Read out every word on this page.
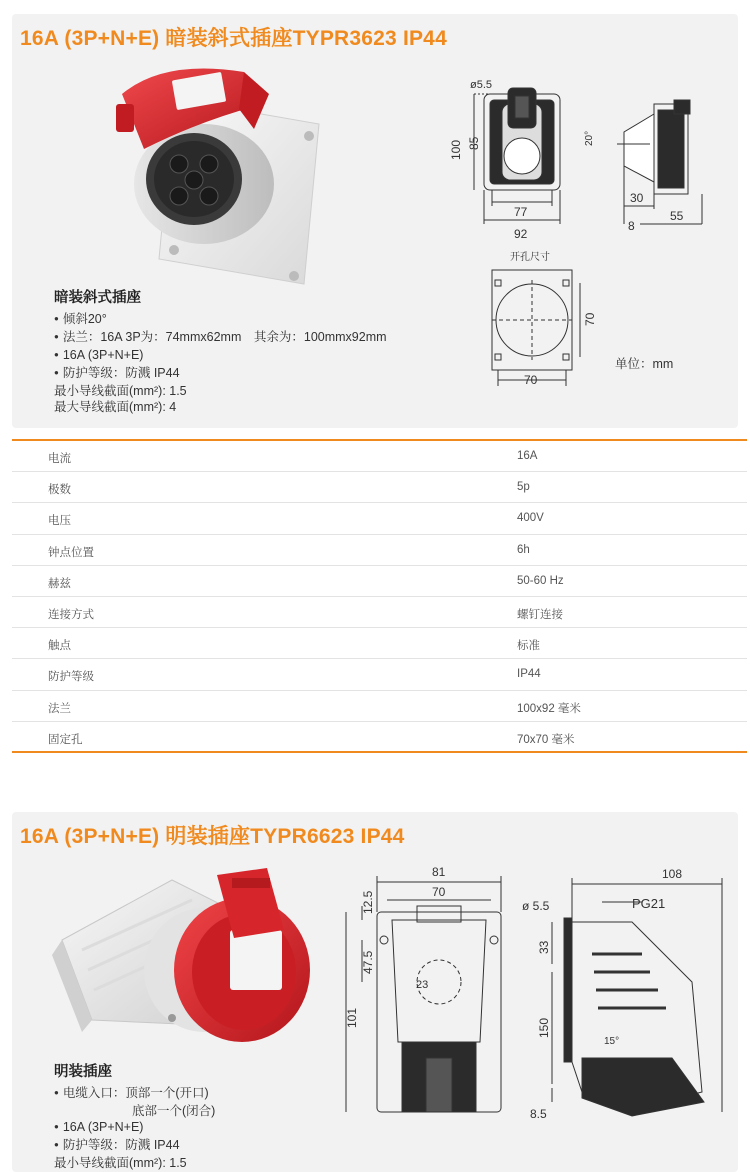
16A (3P+N+E) 暗装斜式插座TYPR3623 IP44
暗装斜式插座
● 倾斜20°
● 法兰：16A 3P为：74mmx62mm　其余为：100mmx92mm
● 16A (3P+N+E)
● 防护等级：防溅 IP44
最小导线截面(mm²): 1.5
最大导线截面(mm²): 4
ø5.5
100 85
77
92
20°
30
8
55
开孔尺寸
70
70
单位：mm
电流	16A
极数	5p
电压	400V
钟点位置	6h
赫兹	50-60 Hz
连接方式	螺钉连接
触点	标准
防护等级	IP44
法兰	100x92 毫米
固定孔	70x70 毫米
16A (3P+N+E) 明装插座TYPR6623 IP44
明装插座
● 电缆入口：顶部一个(开口)
底部一个(闭合)
● 16A (3P+N+E)
● 防护等级：防溅 IP44
最小导线截面(mm²): 1.5
81
70
108
12.5
47.5
101
23
ø 5.5	PG21
33
150
15°
8.5
